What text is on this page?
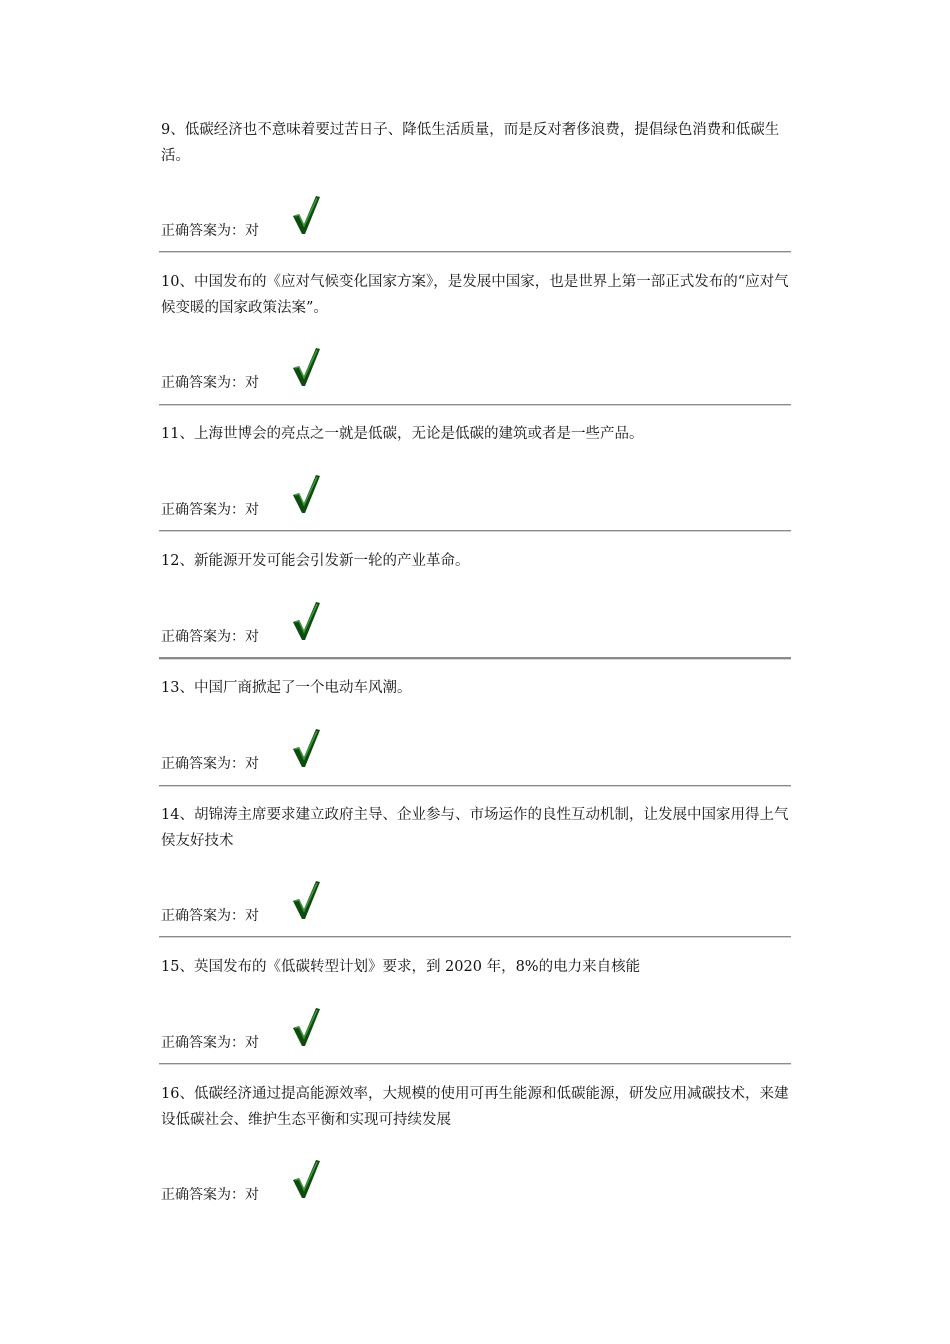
9、低碳经济也不意味着要过苦日子、降低生活质量，而是反对奢侈浪费，提倡绿色消费和低碳生活。

正确答案为：对

10、中国发布的《应对气候变化国家方案》，是发展中国家，也是世界上第一部正式发布的“应对气候变暖的国家政策法案”。

正确答案为：对

11、上海世博会的亮点之一就是低碳，无论是低碳的建筑或者是一些产品。

正确答案为：对

12、新能源开发可能会引发新一轮的产业革命。

正确答案为：对

13、中国厂商掀起了一个电动车风潮。

正确答案为：对

14、胡锦涛主席要求建立政府主导、企业参与、市场运作的良性互动机制，让发展中国家用得上气侯友好技术

正确答案为：对

15、英国发布的《低碳转型计划》要求，到 2020 年，8%的电力来自核能

正确答案为：对

16、低碳经济通过提高能源效率，大规模的使用可再生能源和低碳能源，研发应用减碳技术，来建设低碳社会、维护生态平衡和实现可持续发展

正确答案为：对
